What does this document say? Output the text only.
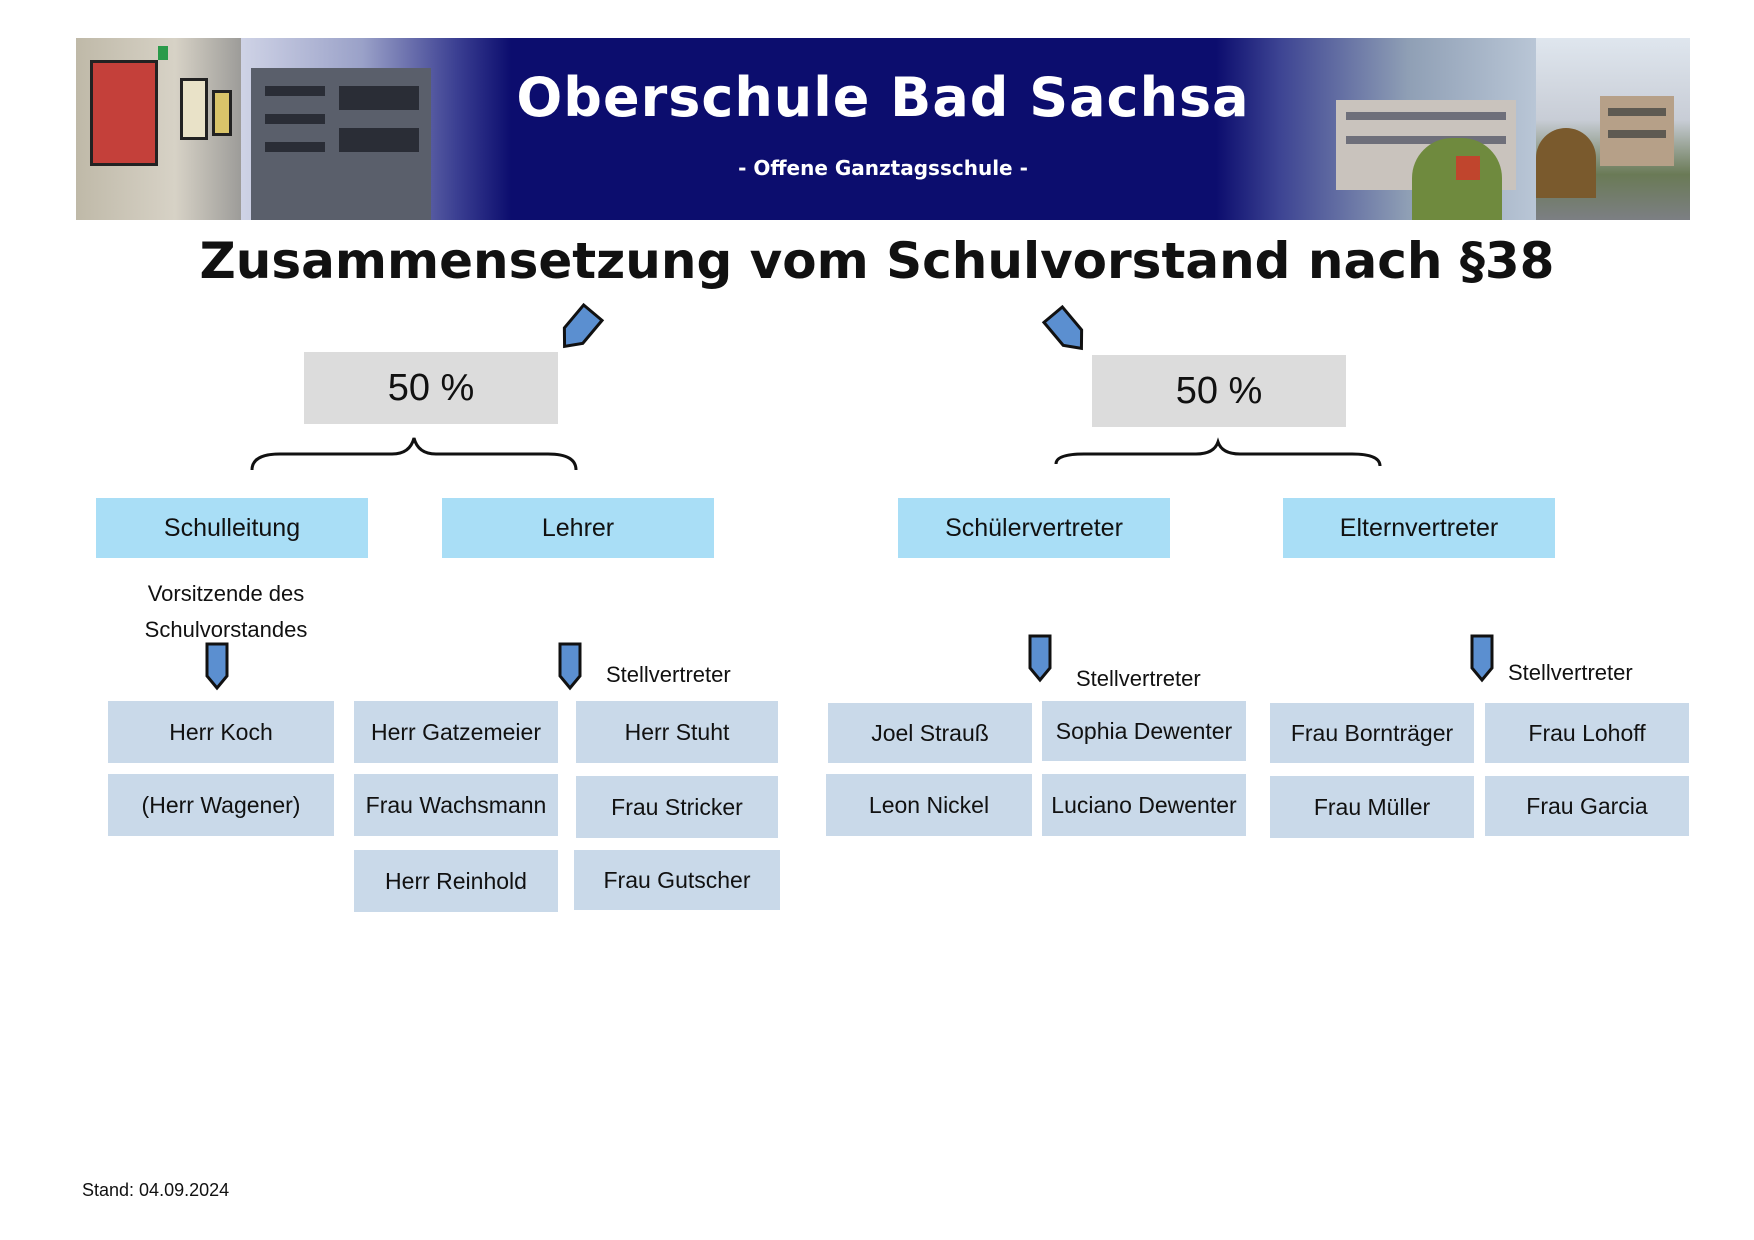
Oberschule Bad Sachsa
- Offene Ganztagsschule -
Zusammensetzung vom Schulvorstand nach §38
50 %	50 %
Schulleitung	Lehrer	Schülervertreter	Elternvertreter
Vorsitzende des
Schulvorstandes
Stellvertreter	Stellvertreter	Stellvertreter
Herr Koch
(Herr Wagener)
Herr Gatzemeier
Frau Wachsmann
Herr Reinhold
Herr Stuht
Frau Stricker
Frau Gutscher
Joel Strauß
Leon Nickel
Sophia Dewenter
Luciano Dewenter
Frau Bornträger
Frau Müller
Frau Lohoff
Frau Garcia
Stand: 04.09.2024
